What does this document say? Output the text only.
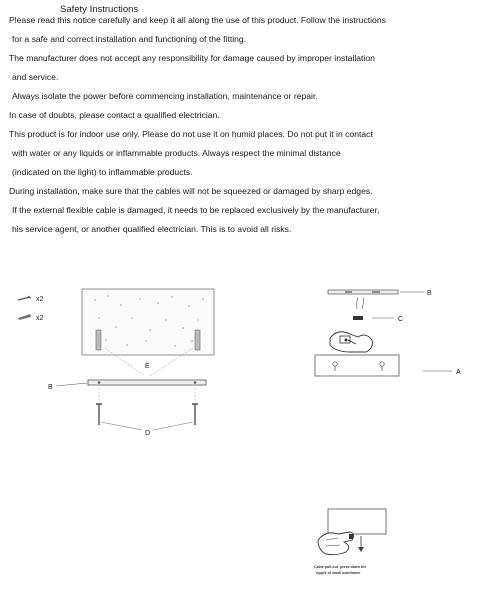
Safety Instructions
Please read this notice carefully and keep it all along the use of this product. Follow the instructions
for a safe and correct installation and functioning of the fitting.
The manufacturer does not accept any responsibility for damage caused by improper installation
and service.
Always isolate the power before commencing installation, maintenance or repair.
In case of doubts, please contact a qualified electrician.
This product is for indoor use only. Please do not use it on humid places. Do not put it in contact
with water or any liquids or inflammable products. Always respect the minimal distance
(indicated on the light) to inflammable products.
During installation, make sure that the cables will not be squeezed or damaged by sharp edges.
If the external flexible cable is damaged, it needs to be replaced exclusively by the manufacturer,
his service agent, or another qualified electrician. This is to avoid all risks.
x2
x2
E
B
D
B
C
A
Cable pull-out, press down the
nipple of small mainframe
